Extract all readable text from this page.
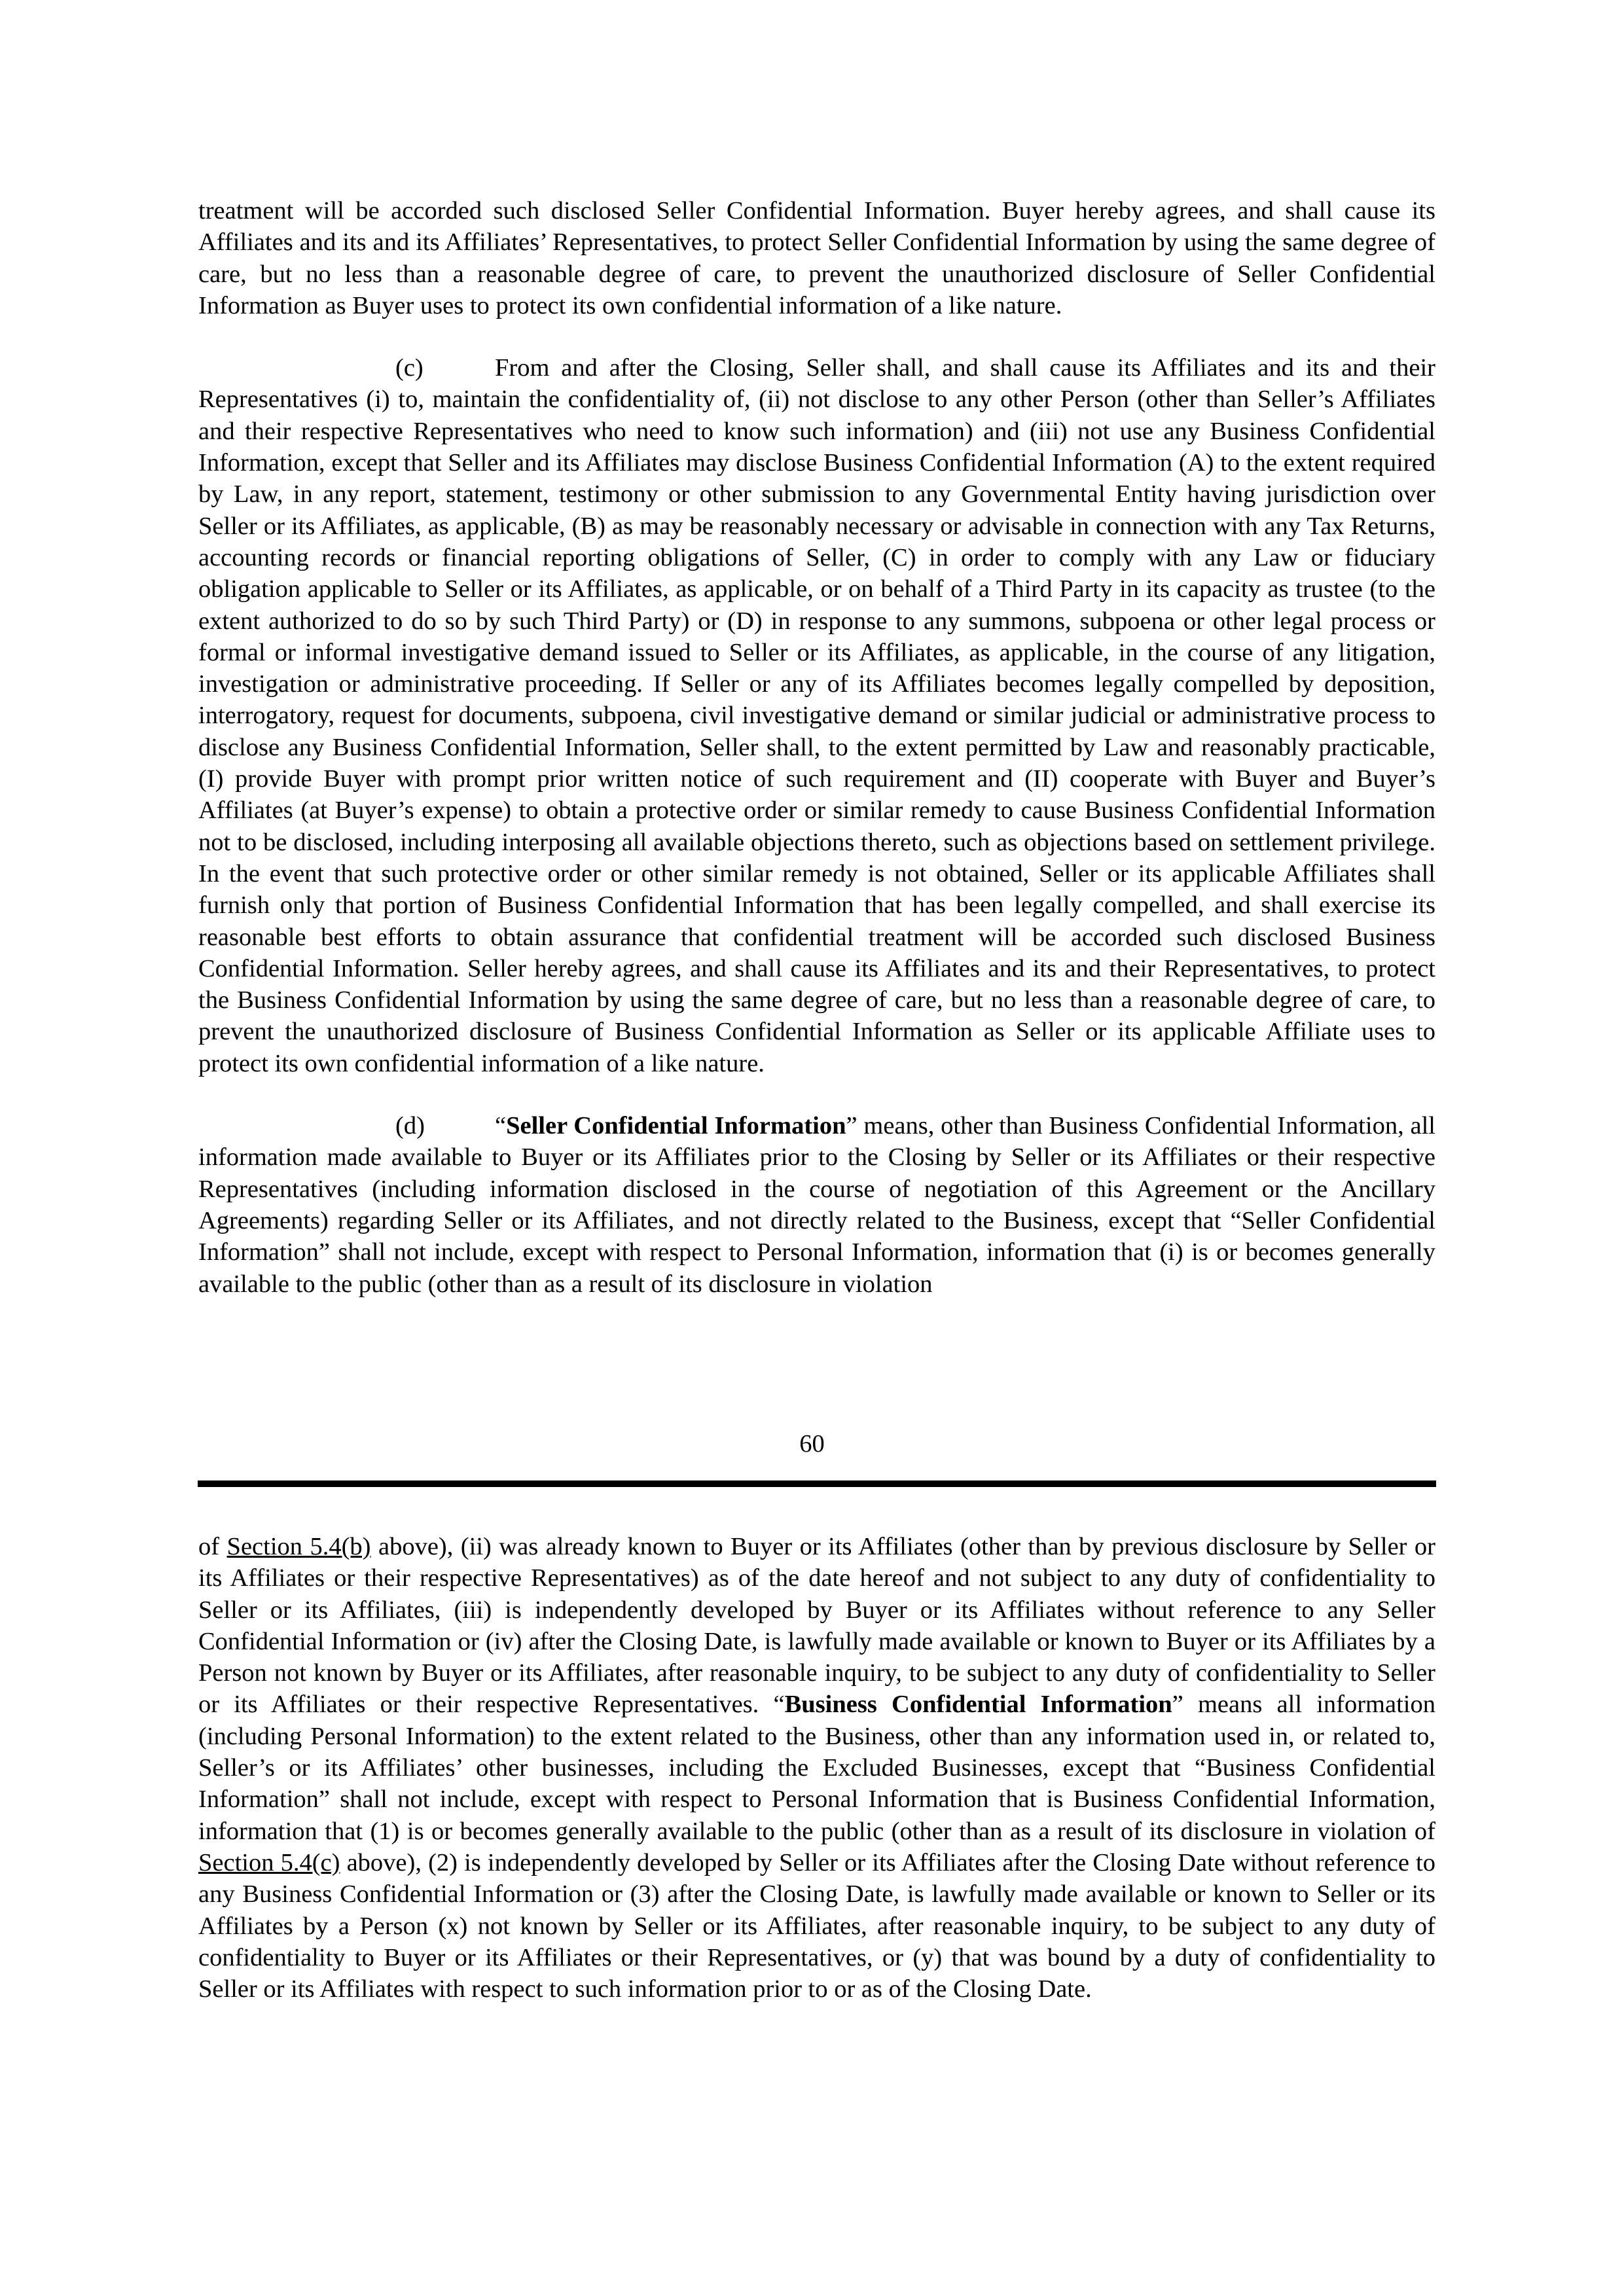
treatment will be accorded such disclosed Seller Confidential Information. Buyer hereby agrees, and shall cause its Affiliates and its and its Affiliates’ Representatives, to protect Seller Confidential Information by using the same degree of care, but no less than a reasonable degree of care, to prevent the unauthorized disclosure of Seller Confidential Information as Buyer uses to protect its own confidential information of a like nature.

(c)	From and after the Closing, Seller shall, and shall cause its Affiliates and its and their Representatives (i) to, maintain the confidentiality of, (ii) not disclose to any other Person (other than Seller’s Affiliates and their respective Representatives who need to know such information) and (iii) not use any Business Confidential Information, except that Seller and its Affiliates may disclose Business Confidential Information (A) to the extent required by Law, in any report, statement, testimony or other submission to any Governmental Entity having jurisdiction over Seller or its Affiliates, as applicable, (B) as may be reasonably necessary or advisable in connection with any Tax Returns, accounting records or financial reporting obligations of Seller, (C) in order to comply with any Law or fiduciary obligation applicable to Seller or its Affiliates, as applicable, or on behalf of a Third Party in its capacity as trustee (to the extent authorized to do so by such Third Party) or (D) in response to any summons, subpoena or other legal process or formal or informal investigative demand issued to Seller or its Affiliates, as applicable, in the course of any litigation, investigation or administrative proceeding. If Seller or any of its Affiliates becomes legally compelled by deposition, interrogatory, request for documents, subpoena, civil investigative demand or similar judicial or administrative process to disclose any Business Confidential Information, Seller shall, to the extent permitted by Law and reasonably practicable, (I) provide Buyer with prompt prior written notice of such requirement and (II) cooperate with Buyer and Buyer’s Affiliates (at Buyer’s expense) to obtain a protective order or similar remedy to cause Business Confidential Information not to be disclosed, including interposing all available objections thereto, such as objections based on settlement privilege. In the event that such protective order or other similar remedy is not obtained, Seller or its applicable Affiliates shall furnish only that portion of Business Confidential Information that has been legally compelled, and shall exercise its reasonable best efforts to obtain assurance that confidential treatment will be accorded such disclosed Business Confidential Information. Seller hereby agrees, and shall cause its Affiliates and its and their Representatives, to protect the Business Confidential Information by using the same degree of care, but no less than a reasonable degree of care, to prevent the unauthorized disclosure of Business Confidential Information as Seller or its applicable Affiliate uses to protect its own confidential information of a like nature.

(d)	“Seller Confidential Information” means, other than Business Confidential Information, all information made available to Buyer or its Affiliates prior to the Closing by Seller or its Affiliates or their respective Representatives (including information disclosed in the course of negotiation of this Agreement or the Ancillary Agreements) regarding Seller or its Affiliates, and not directly related to the Business, except that “Seller Confidential Information” shall not include, except with respect to Personal Information, information that (i) is or becomes generally available to the public (other than as a result of its disclosure in violation

60

of Section 5.4(b) above), (ii) was already known to Buyer or its Affiliates (other than by previous disclosure by Seller or its Affiliates or their respective Representatives) as of the date hereof and not subject to any duty of confidentiality to Seller or its Affiliates, (iii) is independently developed by Buyer or its Affiliates without reference to any Seller Confidential Information or (iv) after the Closing Date, is lawfully made available or known to Buyer or its Affiliates by a Person not known by Buyer or its Affiliates, after reasonable inquiry, to be subject to any duty of confidentiality to Seller or its Affiliates or their respective Representatives. “Business Confidential Information” means all information (including Personal Information) to the extent related to the Business, other than any information used in, or related to, Seller’s or its Affiliates’ other businesses, including the Excluded Businesses, except that “Business Confidential Information” shall not include, except with respect to Personal Information that is Business Confidential Information, information that (1) is or becomes generally available to the public (other than as a result of its disclosure in violation of Section 5.4(c) above), (2) is independently developed by Seller or its Affiliates after the Closing Date without reference to any Business Confidential Information or (3) after the Closing Date, is lawfully made available or known to Seller or its Affiliates by a Person (x) not known by Seller or its Affiliates, after reasonable inquiry, to be subject to any duty of confidentiality to Buyer or its Affiliates or their Representatives, or (y) that was bound by a duty of confidentiality to Seller or its Affiliates with respect to such information prior to or as of the Closing Date.
